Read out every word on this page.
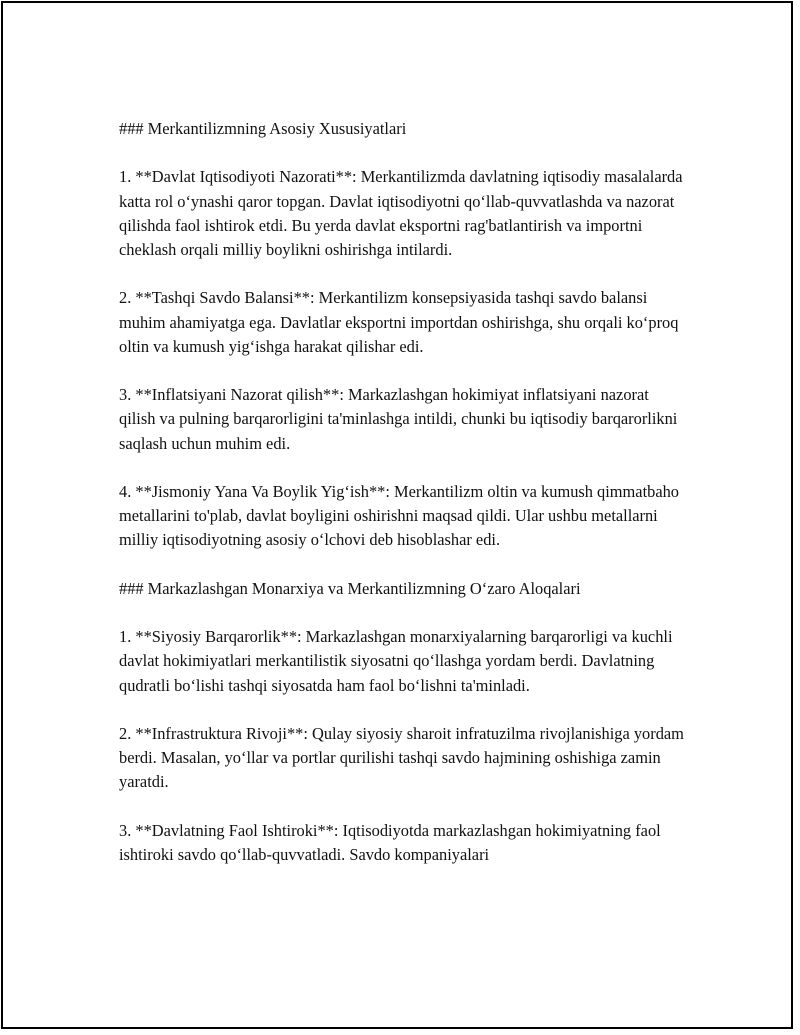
### Merkantilizmning Asosiy Xususiyatlari

1. **Davlat Iqtisodiyoti Nazorati**: Merkantilizmda davlatning iqtisodiy masalalarda katta rol o‘ynashi qaror topgan. Davlat iqtisodiyotni qo‘llab-quvvatlashda va nazorat qilishda faol ishtirok etdi. Bu yerda davlat eksportni rag'batlantirish va importni cheklash orqali milliy boylikni oshirishga intilardi.

2. **Tashqi Savdo Balansi**: Merkantilizm konsepsiyasida tashqi savdo balansi muhim ahamiyatga ega. Davlatlar eksportni importdan oshirishga, shu orqali ko‘proq oltin va kumush yig‘ishga harakat qilishar edi.

3. **Inflatsiyani Nazorat qilish**: Markazlashgan hokimiyat inflatsiyani nazorat qilish va pulning barqarorligini ta'minlashga intildi, chunki bu iqtisodiy barqarorlikni saqlash uchun muhim edi.

4. **Jismoniy Yana Va Boylik Yig‘ish**: Merkantilizm oltin va kumush qimmatbaho metallarini to'plab, davlat boyligini oshirishni maqsad qildi. Ular ushbu metallarni milliy iqtisodiyotning asosiy o‘lchovi deb hisoblashar edi.

### Markazlashgan Monarxiya va Merkantilizmning O‘zaro Aloqalari

1. **Siyosiy Barqarorlik**: Markazlashgan monarxiyalarning barqarorligi va kuchli davlat hokimiyatlari merkantilistik siyosatni qo‘llashga yordam berdi. Davlatning qudratli bo‘lishi tashqi siyosatda ham faol bo‘lishni ta'minladi.

2. **Infrastruktura Rivoji**: Qulay siyosiy sharoit infratuzilma rivojlanishiga yordam berdi. Masalan, yo‘llar va portlar qurilishi tashqi savdo hajmining oshishiga zamin yaratdi.

3. **Davlatning Faol Ishtiroki**: Iqtisodiyotda markazlashgan hokimiyatning faol ishtiroki savdo qo‘llab-quvvatladi. Savdo kompaniyalari
